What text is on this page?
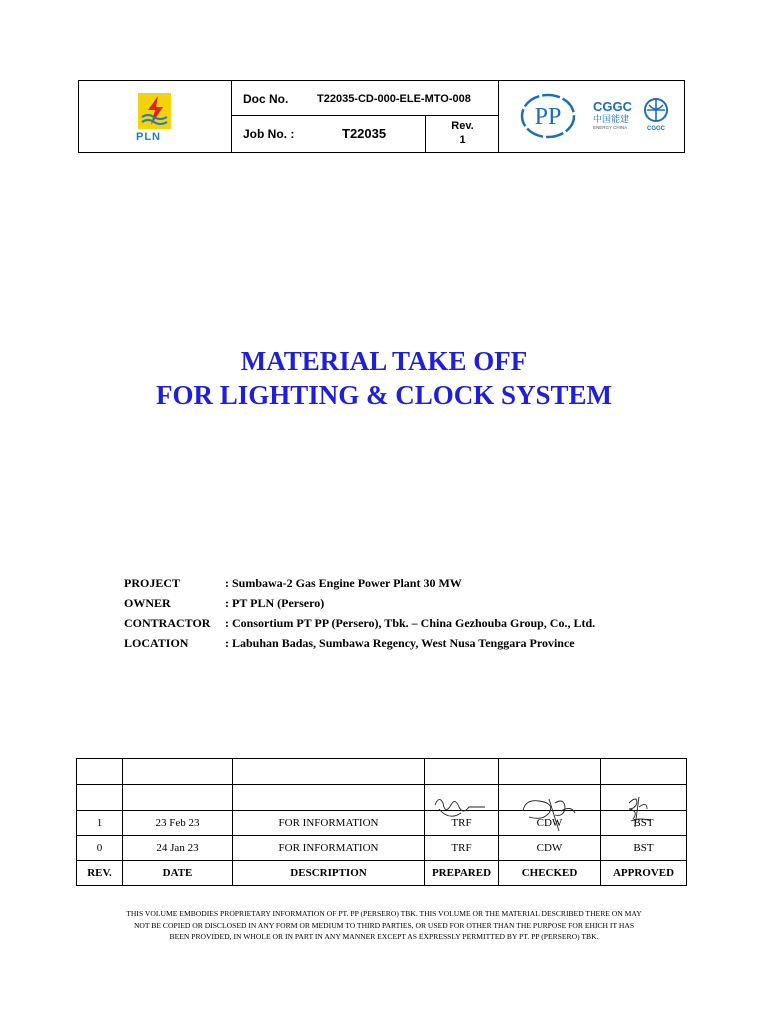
PLN
Doc No.	T22035-CD-000-ELE-MTO-008
Job No. :	T22035	Rev.
1
PP CGGC
中国能建
ENERGY CHINA	CGGC
MATERIAL TAKE OFF
FOR LIGHTING & CLOCK SYSTEM
PROJECT	: Sumbawa-2 Gas Engine Power Plant 30 MW
OWNER	: PT PLN (Persero)
CONTRACTOR : Consortium PT PP (Persero), Tbk. – China Gezhouba Group, Co., Ltd.
LOCATION	: Labuhan Badas, Sumbawa Regency, West Nusa Tenggara Province

1	23 Feb 23	FOR INFORMATION	TRF	CDW	BST
0	24 Jan 23	FOR INFORMATION	TRF	CDW	BST
REV.	DATE	DESCRIPTION	PREPARED	CHECKED	APPROVED
THIS VOLUME EMBODIES PROPRIETARY INFORMATION OF PT. PP (PERSERO) TBK. THIS VOLUME OR THE MATERIAL DESCRIBED THERE ON MAY
NOT BE COPIED OR DISCLOSED IN ANY FORM OR MEDIUM TO THIRD PARTIES, OR USED FOR OTHER THAN THE PURPOSE FOR EHICH IT HAS
BEEN PROVIDED, IN WHOLE OR IN PART IN ANY MANNER EXCEPT AS EXPRESSLY PERMITTED BY PT. PP (PERSERO) TBK.
